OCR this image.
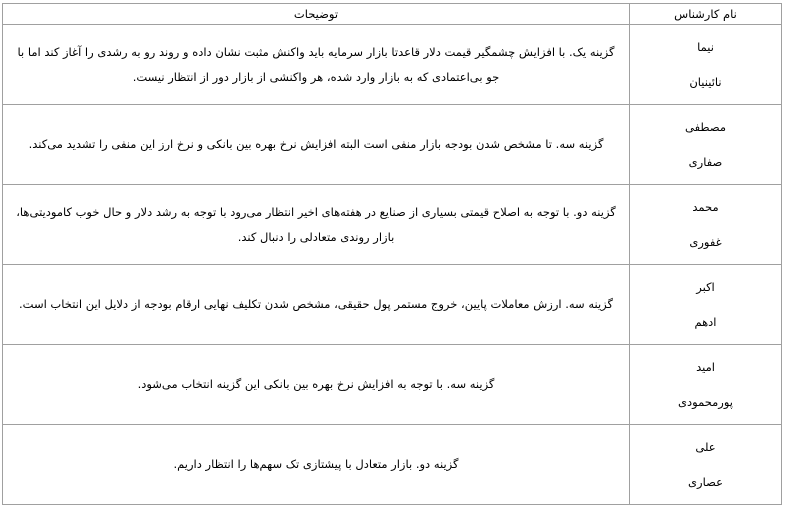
نام کارشناس	توضیحات

نیما
نائینیان	گزینه یک. با افزایش چشمگیر قیمت دلار قاعدتا بازار سرمایه باید واکنش مثبت نشان داده و روند رو به رشدی را آغاز کند اما با جو بی‌اعتمادی که به بازار وارد شده، هر واکنشی از بازار دور از انتظار نیست.

مصطفی
صفاری	گزینه سه. تا مشخص شدن بودجه بازار منفی است البته افزایش نرخ بهره بین بانکی و نرخ ارز این منفی را تشدید می‌کند.

محمد
غفوری	گزینه دو. با توجه به اصلاح قیمتی بسیاری از صنایع در هفته‌های اخیر انتظار می‌رود با توجه به رشد دلار و حال خوب کامودیتی‌ها، بازار روندی متعادلی را دنبال کند.

اکبر
ادهم	گزینه سه. ارزش معاملات پایین، خروج مستمر پول حقیقی، مشخص شدن تکلیف نهایی ارقام بودجه از دلایل این انتخاب است.

امید
پورمحمودی	گزینه سه. با توجه به افزایش نرخ بهره بین بانکی این گزینه انتخاب می‌شود.

علی
عصاری	گزینه دو. بازار متعادل با پیشتازی تک سهم‌ها را انتظار داریم.
